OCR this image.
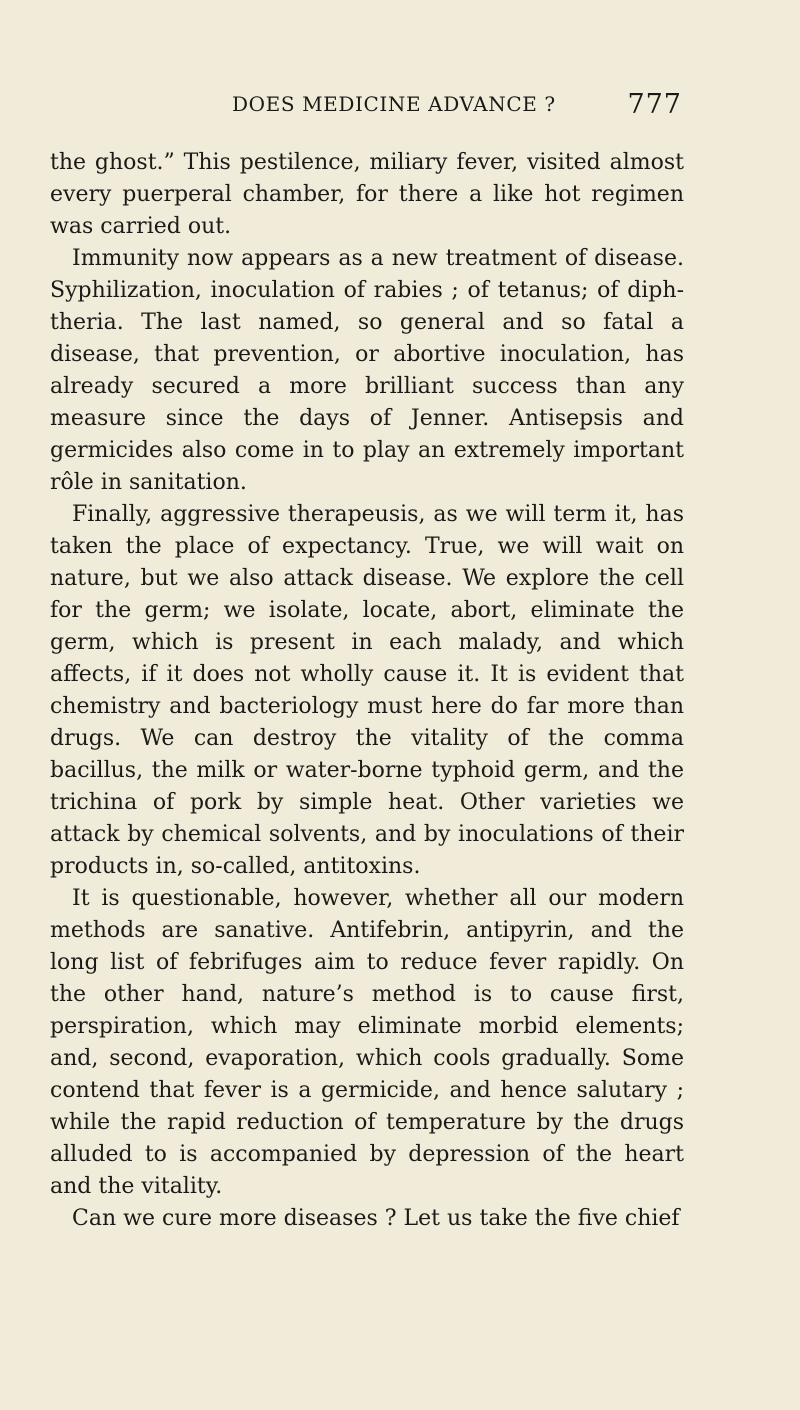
DOES MEDICINE ADVANCE ?	777

the ghost.” This pestilence, miliary fever, visited almost every puerperal chamber, for there a like hot regimen was carried out.

Immunity now appears as a new treatment of disease. Syphilization, inoculation of rabies ; of tetanus; of diphtheria. The last named, so general and so fatal a disease, that prevention, or abortive inoculation, has already secured a more brilliant success than any measure since the days of Jenner. Antisepsis and germicides also come in to play an extremely important rôle in sanitation.

Finally, aggressive therapeusis, as we will term it, has taken the place of expectancy. True, we will wait on nature, but we also attack disease. We explore the cell for the germ; we isolate, locate, abort, eliminate the germ, which is present in each malady, and which affects, if it does not wholly cause it. It is evident that chemistry and bacteriology must here do far more than drugs. We can destroy the vitality of the comma bacillus, the milk or water-borne typhoid germ, and the trichina of pork by simple heat. Other varieties we attack by chemical solvents, and by inoculations of their products in, so-called, antitoxins.

It is questionable, however, whether all our modern methods are sanative. Antifebrin, antipyrin, and the long list of febrifuges aim to reduce fever rapidly. On the other hand, nature’s method is to cause first, perspiration, which may eliminate morbid elements; and, second, evaporation, which cools gradually. Some contend that fever is a germicide, and hence salutary ; while the rapid reduction of temperature by the drugs alluded to is accompanied by depression of the heart and the vitality.

Can we cure more diseases ? Let us take the five chief
